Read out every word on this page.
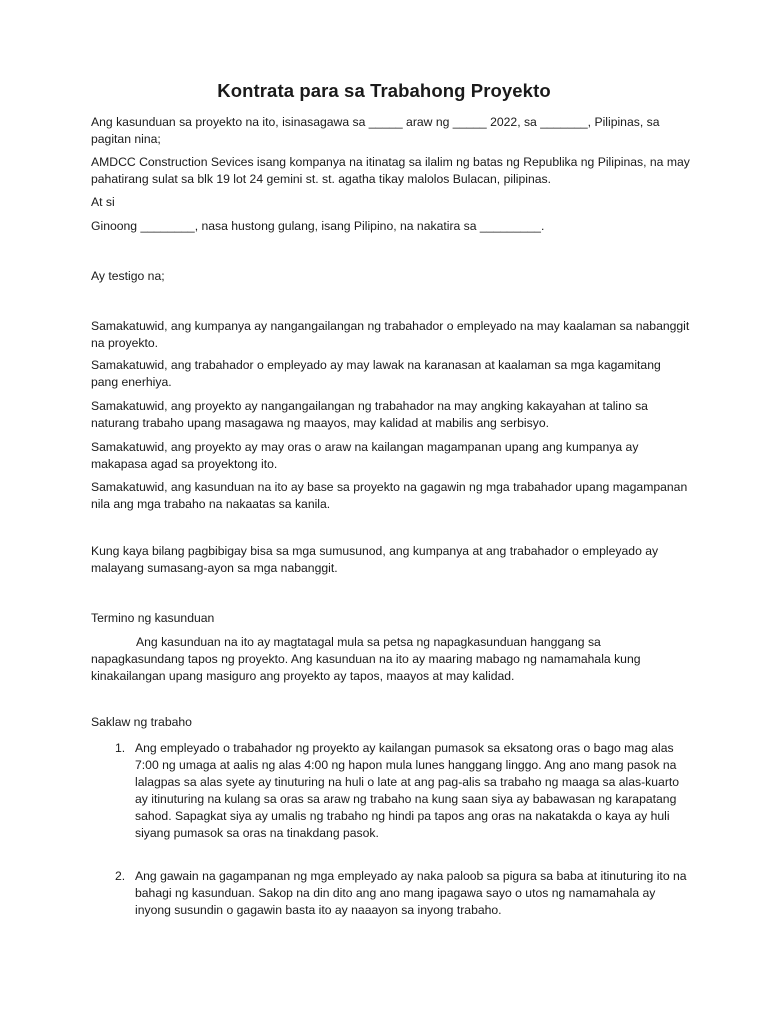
Kontrata para sa Trabahong Proyekto
Ang kasunduan sa proyekto na ito, isinasagawa sa _____ araw ng _____ 2022, sa _______, Pilipinas, sa pagitan nina;
AMDCC Construction Sevices isang kompanya na itinatag sa ilalim ng batas ng Republika ng Pilipinas, na may pahatirang sulat sa blk 19 lot 24 gemini st. st. agatha tikay malolos Bulacan, pilipinas.
At si
Ginoong ________, nasa hustong gulang, isang Pilipino, na nakatira sa _________.
Ay testigo na;
Samakatuwid, ang kumpanya ay nangangailangan ng trabahador o empleyado na may kaalaman sa nabanggit na proyekto.
Samakatuwid, ang trabahador o empleyado ay may lawak na karanasan at kaalaman sa mga kagamitang pang enerhiya.
Samakatuwid, ang proyekto ay nangangailangan ng trabahador na may angking kakayahan at talino sa naturang trabaho upang masagawa ng maayos, may kalidad at mabilis ang serbisyo.
Samakatuwid, ang proyekto ay may oras o araw na kailangan magampanan upang ang kumpanya ay makapasa agad sa proyektong ito.
Samakatuwid, ang kasunduan na ito ay base sa proyekto na gagawin ng mga trabahador upang magampanan nila ang mga trabaho na nakaatas sa kanila.
Kung kaya bilang pagbibigay bisa sa mga sumusunod, ang kumpanya at ang trabahador o empleyado ay malayang sumasang-ayon sa mga nabanggit.
Termino ng kasunduan
Ang kasunduan na ito ay magtatagal mula sa petsa ng napagkasunduan hanggang sa napagkasundang tapos ng proyekto. Ang kasunduan na ito ay maaring mabago ng namamahala kung kinakailangan upang masiguro ang proyekto ay tapos, maayos at may kalidad.
Saklaw ng trabaho
1. Ang empleyado o trabahador ng proyekto ay kailangan pumasok sa eksatong oras o bago mag alas 7:00 ng umaga at aalis ng alas 4:00 ng hapon mula lunes hanggang linggo. Ang ano mang pasok na lalagpas sa alas syete ay tinuturing na huli o late at ang pag-alis sa trabaho ng maaga sa alas-kuarto ay itinuturing na kulang sa oras sa araw ng trabaho na kung saan siya ay babawasan ng karapatang sahod. Sapagkat siya ay umalis ng trabaho ng hindi pa tapos ang oras na nakatakda o kaya ay huli siyang pumasok sa oras na tinakdang pasok.
2. Ang gawain na gagampanan ng mga empleyado ay naka paloob sa pigura sa baba at itinuturing ito na bahagi ng kasunduan. Sakop na din dito ang ano mang ipagawa sayo o utos ng namamahala ay inyong susundin o gagawin basta ito ay naaayon sa inyong trabaho.
